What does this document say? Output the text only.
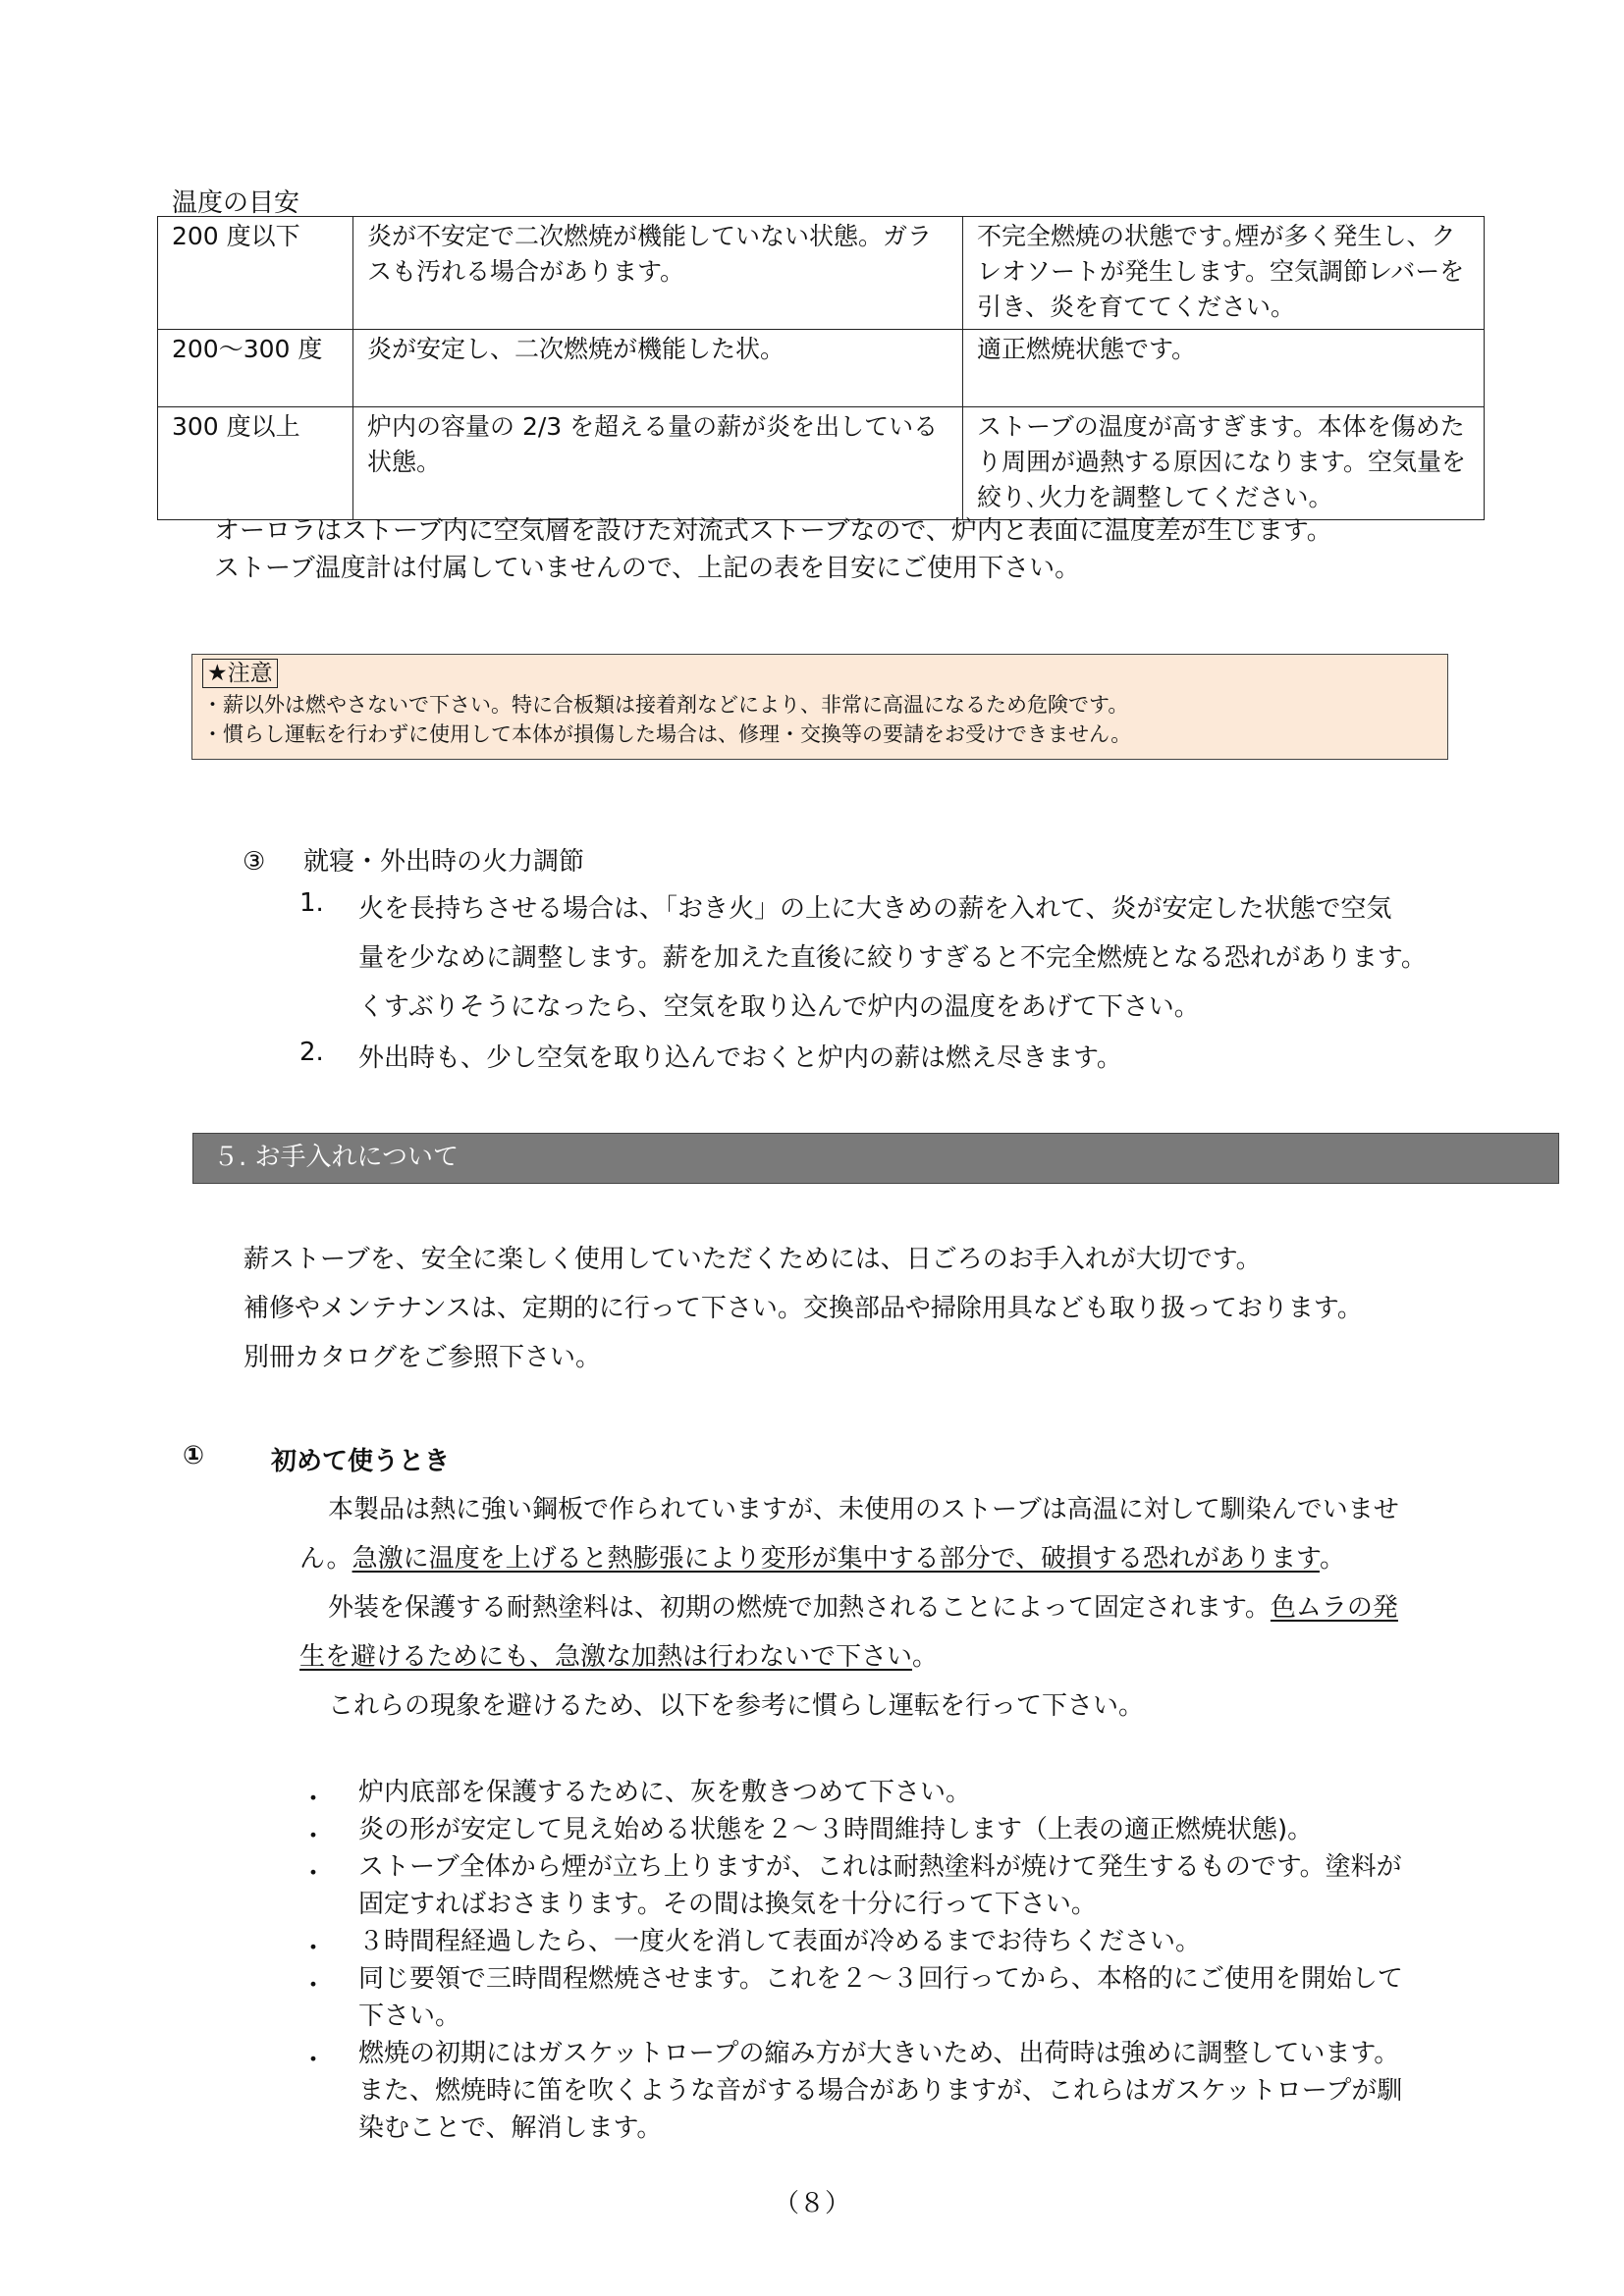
温度の目安
200 度以下	炎が不安定で二次燃焼が機能していない状態。ガラスも汚れる場合があります。	不完全燃焼の状態です｡煙が多く発生し、クレオソートが発生します。空気調節レバーを引き、炎を育ててください。
200〜300 度	炎が安定し、二次燃焼が機能した状。	適正燃焼状態です。
300 度以上	炉内の容量の 2/3 を超える量の薪が炎を出している状態。	ストーブの温度が高すぎます。本体を傷めたり周囲が過熱する原因になります。空気量を絞り､火力を調整してください。
オーロラはストーブ内に空気層を設けた対流式ストーブなので、炉内と表面に温度差が生じます。
ストーブ温度計は付属していませんので、上記の表を目安にご使用下さい。
★注意
・薪以外は燃やさないで下さい。特に合板類は接着剤などにより、非常に高温になるため危険です。
・慣らし運転を行わずに使用して本体が損傷した場合は、修理・交換等の要請をお受けできません。
③ 就寝・外出時の火力調節
1. 火を長持ちさせる場合は、「おき火」の上に大きめの薪を入れて、炎が安定した状態で空気
量を少なめに調整します。薪を加えた直後に絞りすぎると不完全燃焼となる恐れがあります。
くすぶりそうになったら、空気を取り込んで炉内の温度をあげて下さい。
2. 外出時も、少し空気を取り込んでおくと炉内の薪は燃え尽きます。
５. お手入れについて
薪ストーブを、安全に楽しく使用していただくためには、日ごろのお手入れが大切です。
補修やメンテナンスは、定期的に行って下さい。交換部品や掃除用具なども取り扱っております。
別冊カタログをご参照下さい。
①	初めて使うとき
本製品は熱に強い鋼板で作られていますが、未使用のストーブは高温に対して馴染んでいませ
ん。急激に温度を上げると熱膨張により変形が集中する部分で、破損する恐れがあります。
外装を保護する耐熱塗料は、初期の燃焼で加熱されることによって固定されます。色ムラの発
生を避けるためにも、急激な加熱は行わないで下さい。
これらの現象を避けるため、以下を参考に慣らし運転を行って下さい。
・ 炉内底部を保護するために、灰を敷きつめて下さい。
・ 炎の形が安定して見え始める状態を２〜３時間維持します（上表の適正燃焼状態)。
・ ストーブ全体から煙が立ち上りますが、これは耐熱塗料が焼けて発生するものです。塗料が
固定すればおさまります。その間は換気を十分に行って下さい。
・ ３時間程経過したら、一度火を消して表面が冷めるまでお待ちください。
・ 同じ要領で三時間程燃焼させます。これを２〜３回行ってから、本格的にご使用を開始して
下さい。
・ 燃焼の初期にはガスケットロープの縮み方が大きいため、出荷時は強めに調整しています。
また、燃焼時に笛を吹くような音がする場合がありますが、これらはガスケットロープが馴
染むことで、解消します。
（８）
